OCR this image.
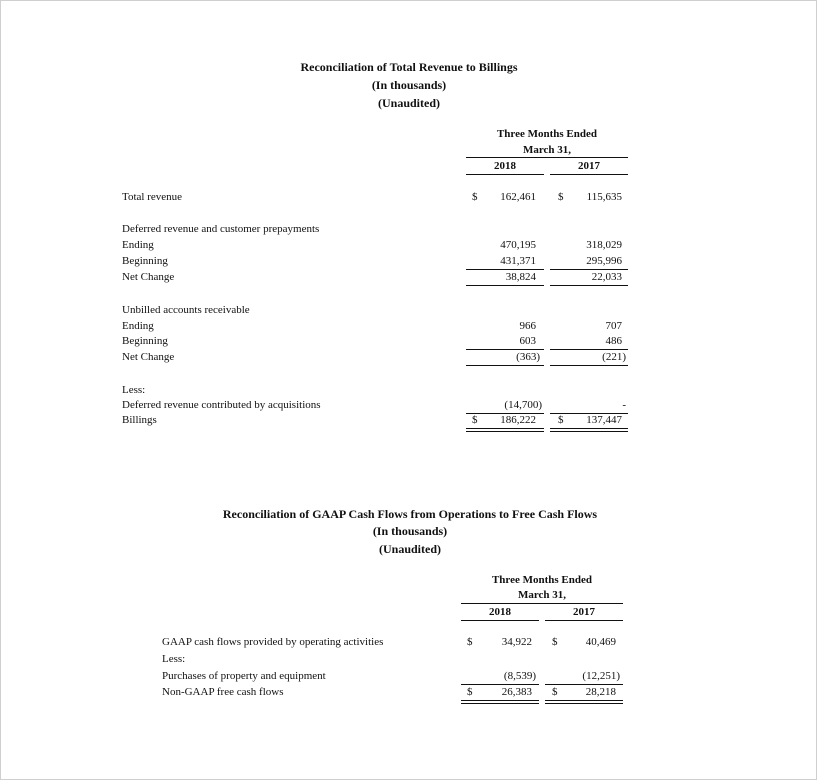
Reconciliation of Total Revenue to Billings
(In thousands)
(Unaudited)
Three Months Ended
March 31,
2018	2017
Total revenue	$	162,461 $	115,635
Deferred revenue and customer prepayments
Ending	470,195	318,029
Beginning	431,371	295,996
Net Change	38,824	22,033
Unbilled accounts receivable
Ending	966	707
Beginning	603	486
Net Change	(363)	(221)
Less:
Deferred revenue contributed by acquisitions	(14,700)	-
Billings	$	186,222 $	137,447
Reconciliation of GAAP Cash Flows from Operations to Free Cash Flows
(In thousands)
(Unaudited)
Three Months Ended
March 31,
2018	2017
GAAP cash flows provided by operating activities	$	34,922 $	40,469
Less:
Purchases of property and equipment	(8,539)	(12,251)
Non-GAAP free cash flows	$	26,383 $	28,218
